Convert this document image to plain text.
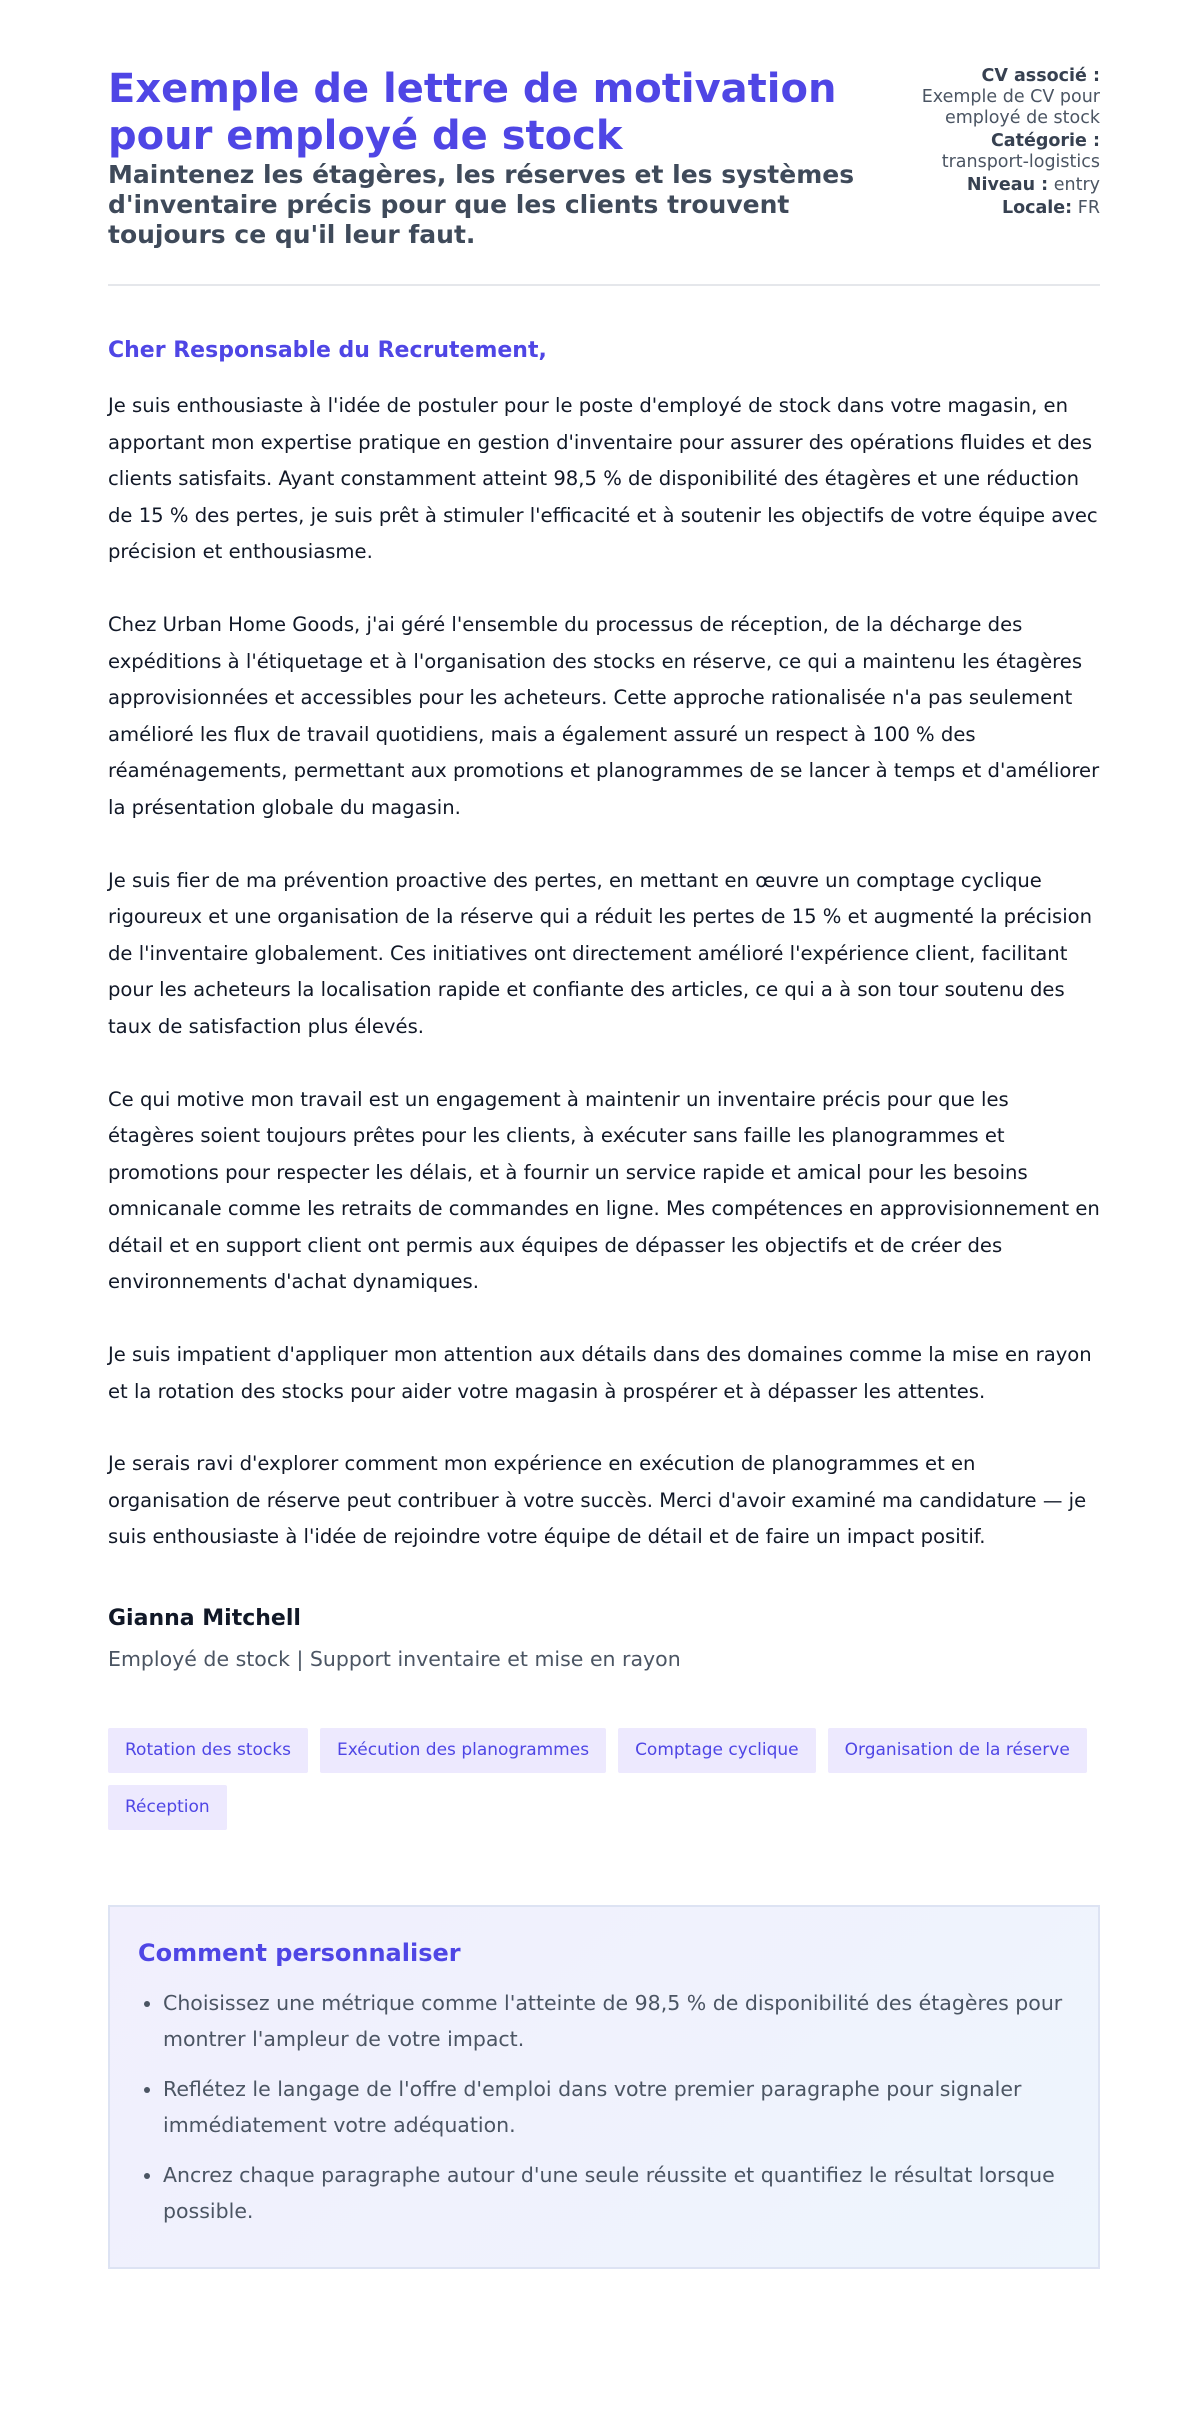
Exemple de lettre de motivation pour employé de stock
Maintenez les étagères, les réserves et les systèmes d'inventaire précis pour que les clients trouvent toujours ce qu'il leur faut.
CV associé :
Exemple de CV pour employé de stock
Catégorie :
transport-logistics
Niveau : entry
Locale: FR
Cher Responsable du Recrutement,

Je suis enthousiaste à l'idée de postuler pour le poste d'employé de stock dans votre magasin, en apportant mon expertise pratique en gestion d'inventaire pour assurer des opérations fluides et des clients satisfaits. Ayant constamment atteint 98,5 % de disponibilité des étagères et une réduction de 15 % des pertes, je suis prêt à stimuler l'efficacité et à soutenir les objectifs de votre équipe avec précision et enthousiasme.

Chez Urban Home Goods, j'ai géré l'ensemble du processus de réception, de la décharge des expéditions à l'étiquetage et à l'organisation des stocks en réserve, ce qui a maintenu les étagères approvisionnées et accessibles pour les acheteurs. Cette approche rationalisée n'a pas seulement amélioré les flux de travail quotidiens, mais a également assuré un respect à 100 % des réaménagements, permettant aux promotions et planogrammes de se lancer à temps et d'améliorer la présentation globale du magasin.

Je suis fier de ma prévention proactive des pertes, en mettant en œuvre un comptage cyclique rigoureux et une organisation de la réserve qui a réduit les pertes de 15 % et augmenté la précision de l'inventaire globalement. Ces initiatives ont directement amélioré l'expérience client, facilitant pour les acheteurs la localisation rapide et confiante des articles, ce qui a à son tour soutenu des taux de satisfaction plus élevés.

Ce qui motive mon travail est un engagement à maintenir un inventaire précis pour que les étagères soient toujours prêtes pour les clients, à exécuter sans faille les planogrammes et promotions pour respecter les délais, et à fournir un service rapide et amical pour les besoins omnicanale comme les retraits de commandes en ligne. Mes compétences en approvisionnement en détail et en support client ont permis aux équipes de dépasser les objectifs et de créer des environnements d'achat dynamiques.

Je suis impatient d'appliquer mon attention aux détails dans des domaines comme la mise en rayon et la rotation des stocks pour aider votre magasin à prospérer et à dépasser les attentes.

Je serais ravi d'explorer comment mon expérience en exécution de planogrammes et en organisation de réserve peut contribuer à votre succès. Merci d'avoir examiné ma candidature — je suis enthousiaste à l'idée de rejoindre votre équipe de détail et de faire un impact positif.

Gianna Mitchell
Employé de stock | Support inventaire et mise en rayon
Rotation des stocks	Exécution des planogrammes	Comptage cyclique	Organisation de la réserve
Réception
Comment personnaliser
• Choisissez une métrique comme l'atteinte de 98,5 % de disponibilité des étagères pour montrer l'ampleur de votre impact.
• Reflétez le langage de l'offre d'emploi dans votre premier paragraphe pour signaler immédiatement votre adéquation.
• Ancrez chaque paragraphe autour d'une seule réussite et quantifiez le résultat lorsque possible.
